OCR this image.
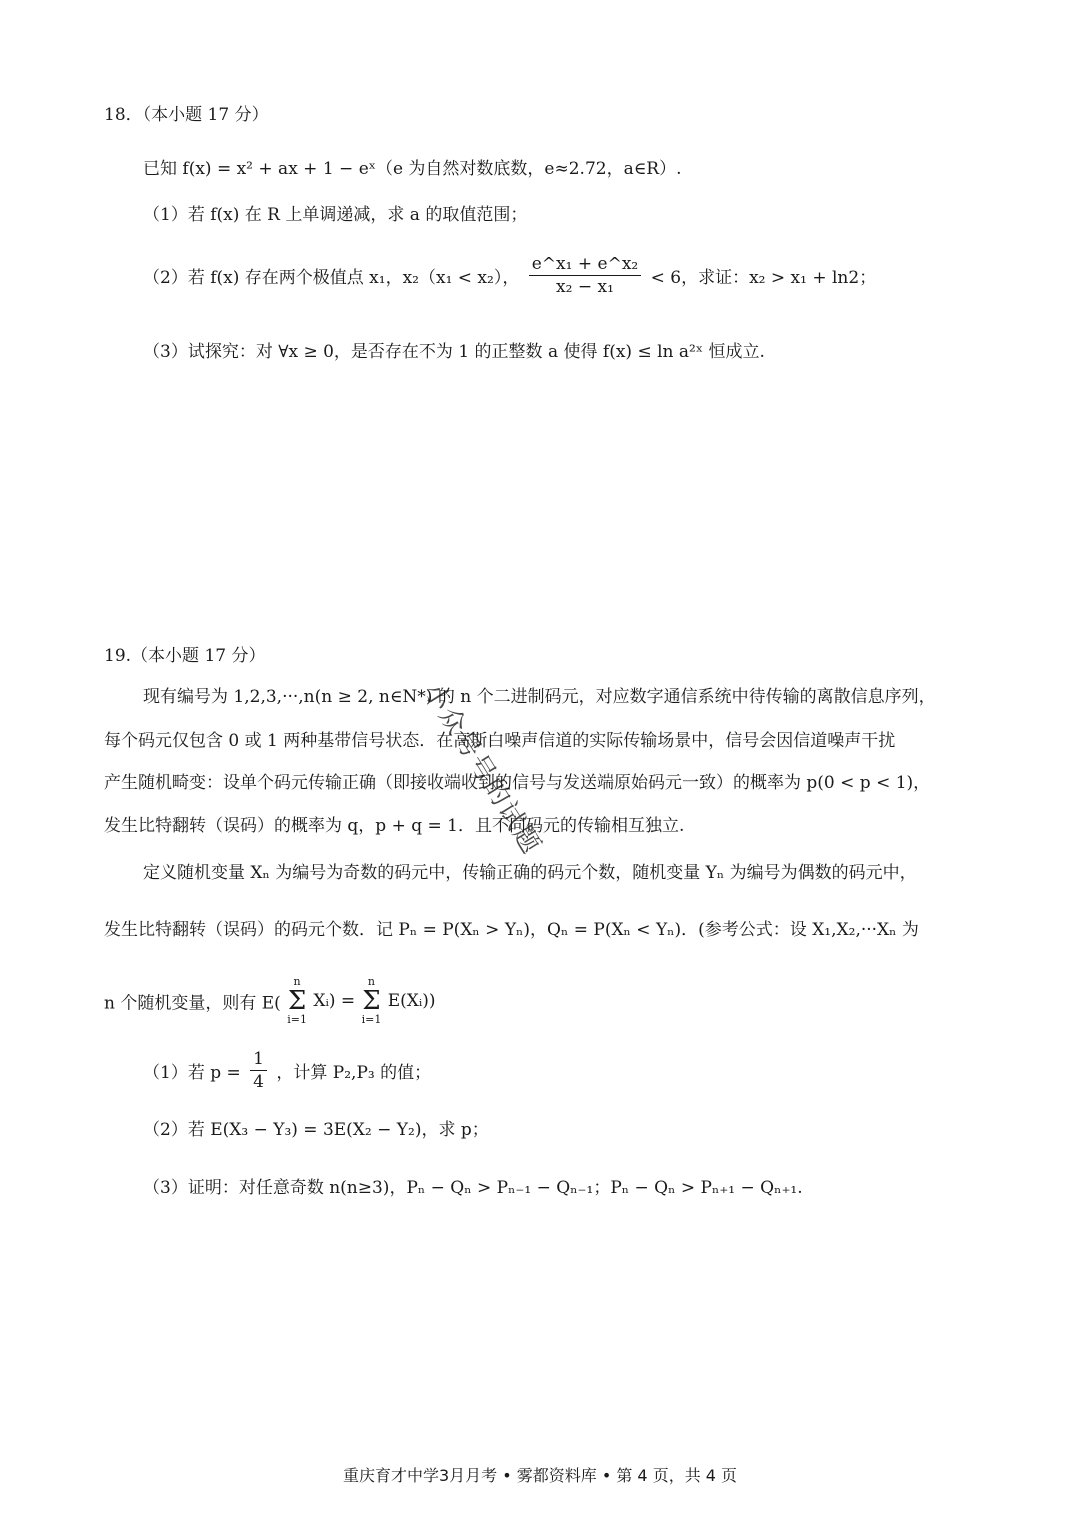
18．（本小题 17 分）
已知 f(x) = x² + ax + 1 − eˣ（e 为自然对数底数，e≈2.72，a∈R）.
（1）若 f(x) 在 R 上单调递减，求 a 的取值范围；
（2）若 f(x) 存在两个极值点 x₁，x₂（x₁ < x₂）， $\frac{\text{e\textasciicircum{}x₁ + e\textasciicircum{}x₂}}{\text{x₂ − x₁}} < 6$，求证：x₂ > x₁ + ln2；
（3）试探究：对 ∀x ≥ 0，是否存在不为 1 的正整数 a 使得 f(x) ≤ ln a²ˣ 恒成立.
19.（本小题 17 分）
现有编号为 1,2,3,···,n(n ≥ 2, n∈N*) 的 n 个二进制码元，对应数字通信系统中待传输的离散信息序列，
每个码元仅包含 0 或 1 两种基带信号状态．在高斯白噪声信道的实际传输场景中，信号会因信道噪声干扰
产生随机畸变：设单个码元传输正确（即接收端收到的信号与发送端原始码元一致）的概率为 p(0 < p < 1)，
发生比特翻转（误码）的概率为 q，p + q = 1．且不同码元的传输相互独立.
定义随机变量 Xₙ 为编号为奇数的码元中，传输正确的码元个数，随机变量 Yₙ 为编号为偶数的码元中，
发生比特翻转（误码）的码元个数．记 Pₙ = P(Xₙ > Yₙ)，Qₙ = P(Xₙ < Yₙ)．(参考公式：设 X₁,X₂,···Xₙ 为
n 个随机变量，则有 E(
n
Σ
i=1
Xᵢ) =
n
Σ
i=1
E(Xᵢ))
（1）若 $p = \frac{1}{4}$ ，计算 P₂,P₃ 的值；
（2）若 E(X₃ − Y₃) = 3E(X₂ − Y₂)，求 p；
（3）证明：对任意奇数 n(n≥3)，Pₙ − Qₙ > Pₙ₋₁ − Qₙ₋₁；Pₙ − Qₙ > Pₙ₊₁ − Qₙ₊₁.
小众号号的试题
重庆育才中学3月月考 • 雾都资料库 • 第 4 页，共 4 页
